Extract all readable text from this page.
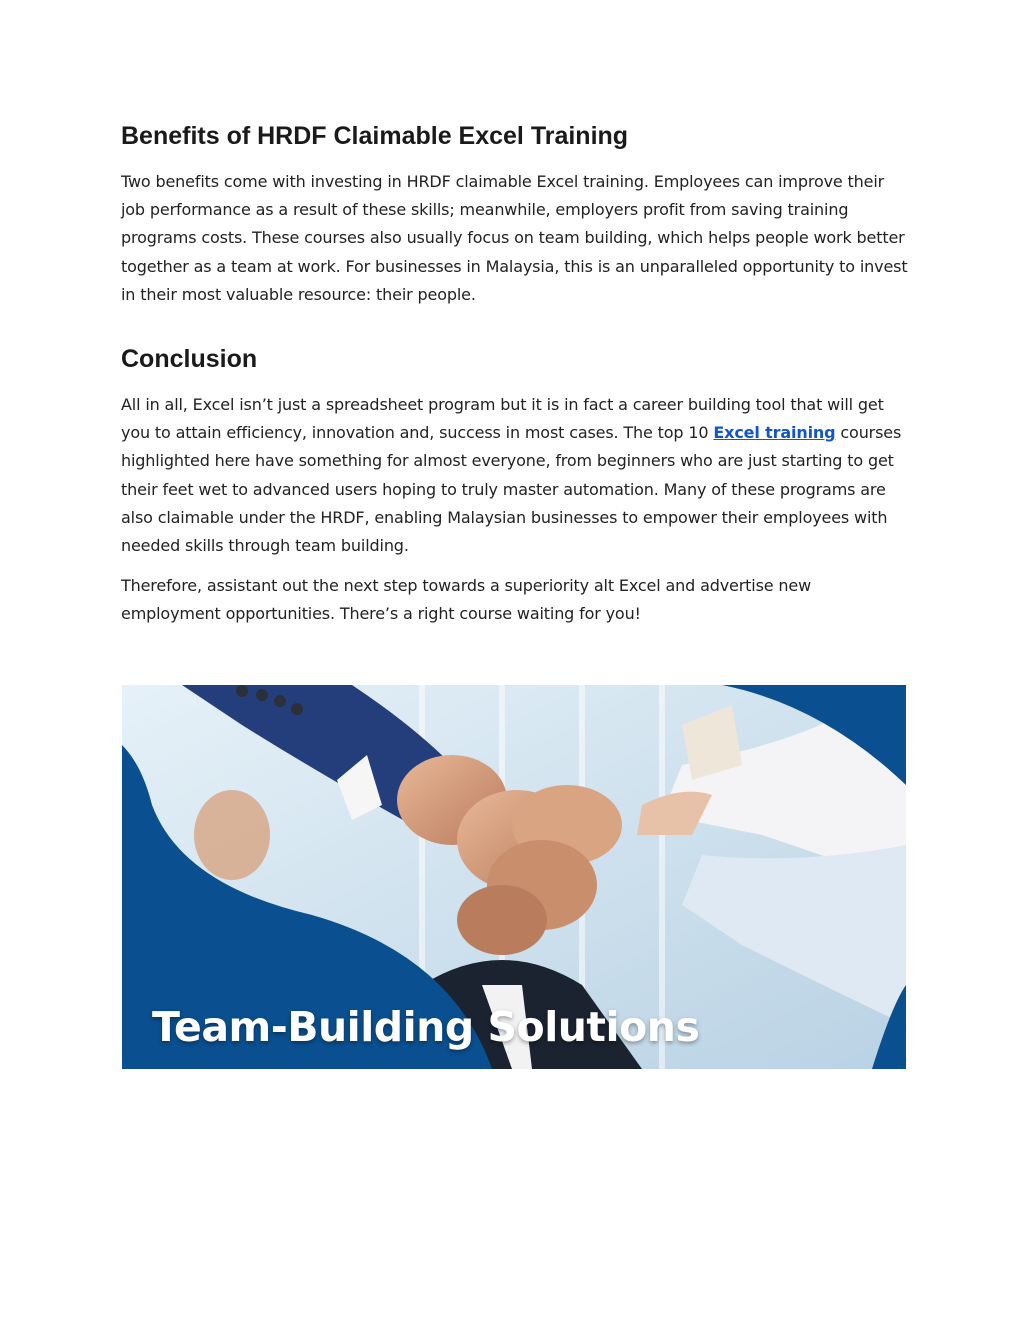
Benefits of HRDF Claimable Excel Training

Two benefits come with investing in HRDF claimable Excel training. Employees can improve their job performance as a result of these skills; meanwhile, employers profit from saving training programs costs. These courses also usually focus on team building, which helps people work better together as a team at work. For businesses in Malaysia, this is an unparalleled opportunity to invest in their most valuable resource: their people.

Conclusion

All in all, Excel isn’t just a spreadsheet program but it is in fact a career building tool that will get you to attain efficiency, innovation and, success in most cases. The top 10 Excel training courses highlighted here have something for almost everyone, from beginners who are just starting to get their feet wet to advanced users hoping to truly master automation. Many of these programs are also claimable under the HRDF, enabling Malaysian businesses to empower their employees with needed skills through team building.

Therefore, assistant out the next step towards a superiority alt Excel and advertise new employment opportunities. There’s a right course waiting for you!

Team-Building Solutions
